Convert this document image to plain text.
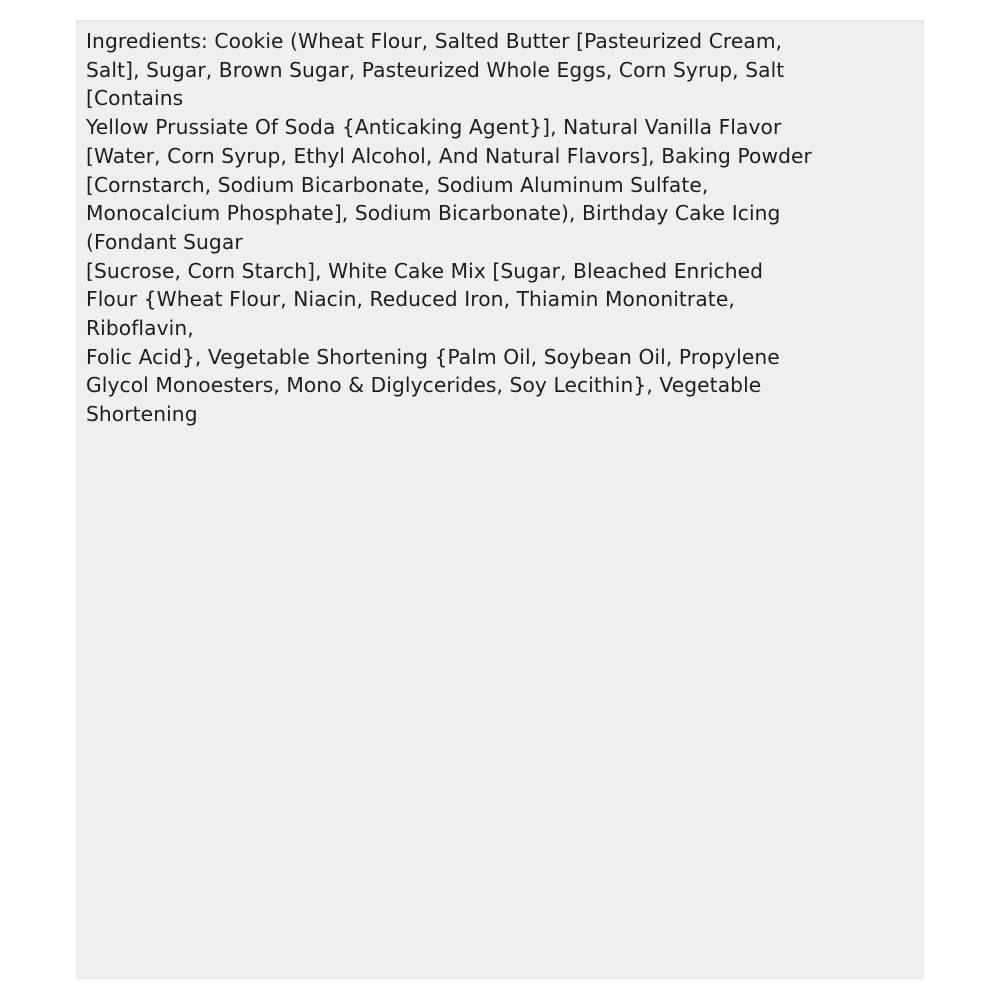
Ingredients: Cookie (Wheat Flour, Salted Butter [Pasteurized Cream,
Salt], Sugar, Brown Sugar, Pasteurized Whole Eggs, Corn Syrup, Salt
[Contains
Yellow Prussiate Of Soda {Anticaking Agent}], Natural Vanilla Flavor
[Water, Corn Syrup, Ethyl Alcohol, And Natural Flavors], Baking Powder
[Cornstarch, Sodium Bicarbonate, Sodium Aluminum Sulfate,
Monocalcium Phosphate], Sodium Bicarbonate), Birthday Cake Icing
(Fondant Sugar
[Sucrose, Corn Starch], White Cake Mix [Sugar, Bleached Enriched
Flour {Wheat Flour, Niacin, Reduced Iron, Thiamin Mononitrate,
Riboflavin,
Folic Acid}, Vegetable Shortening {Palm Oil, Soybean Oil, Propylene
Glycol Monoesters, Mono & Diglycerides, Soy Lecithin}, Vegetable
Shortening
